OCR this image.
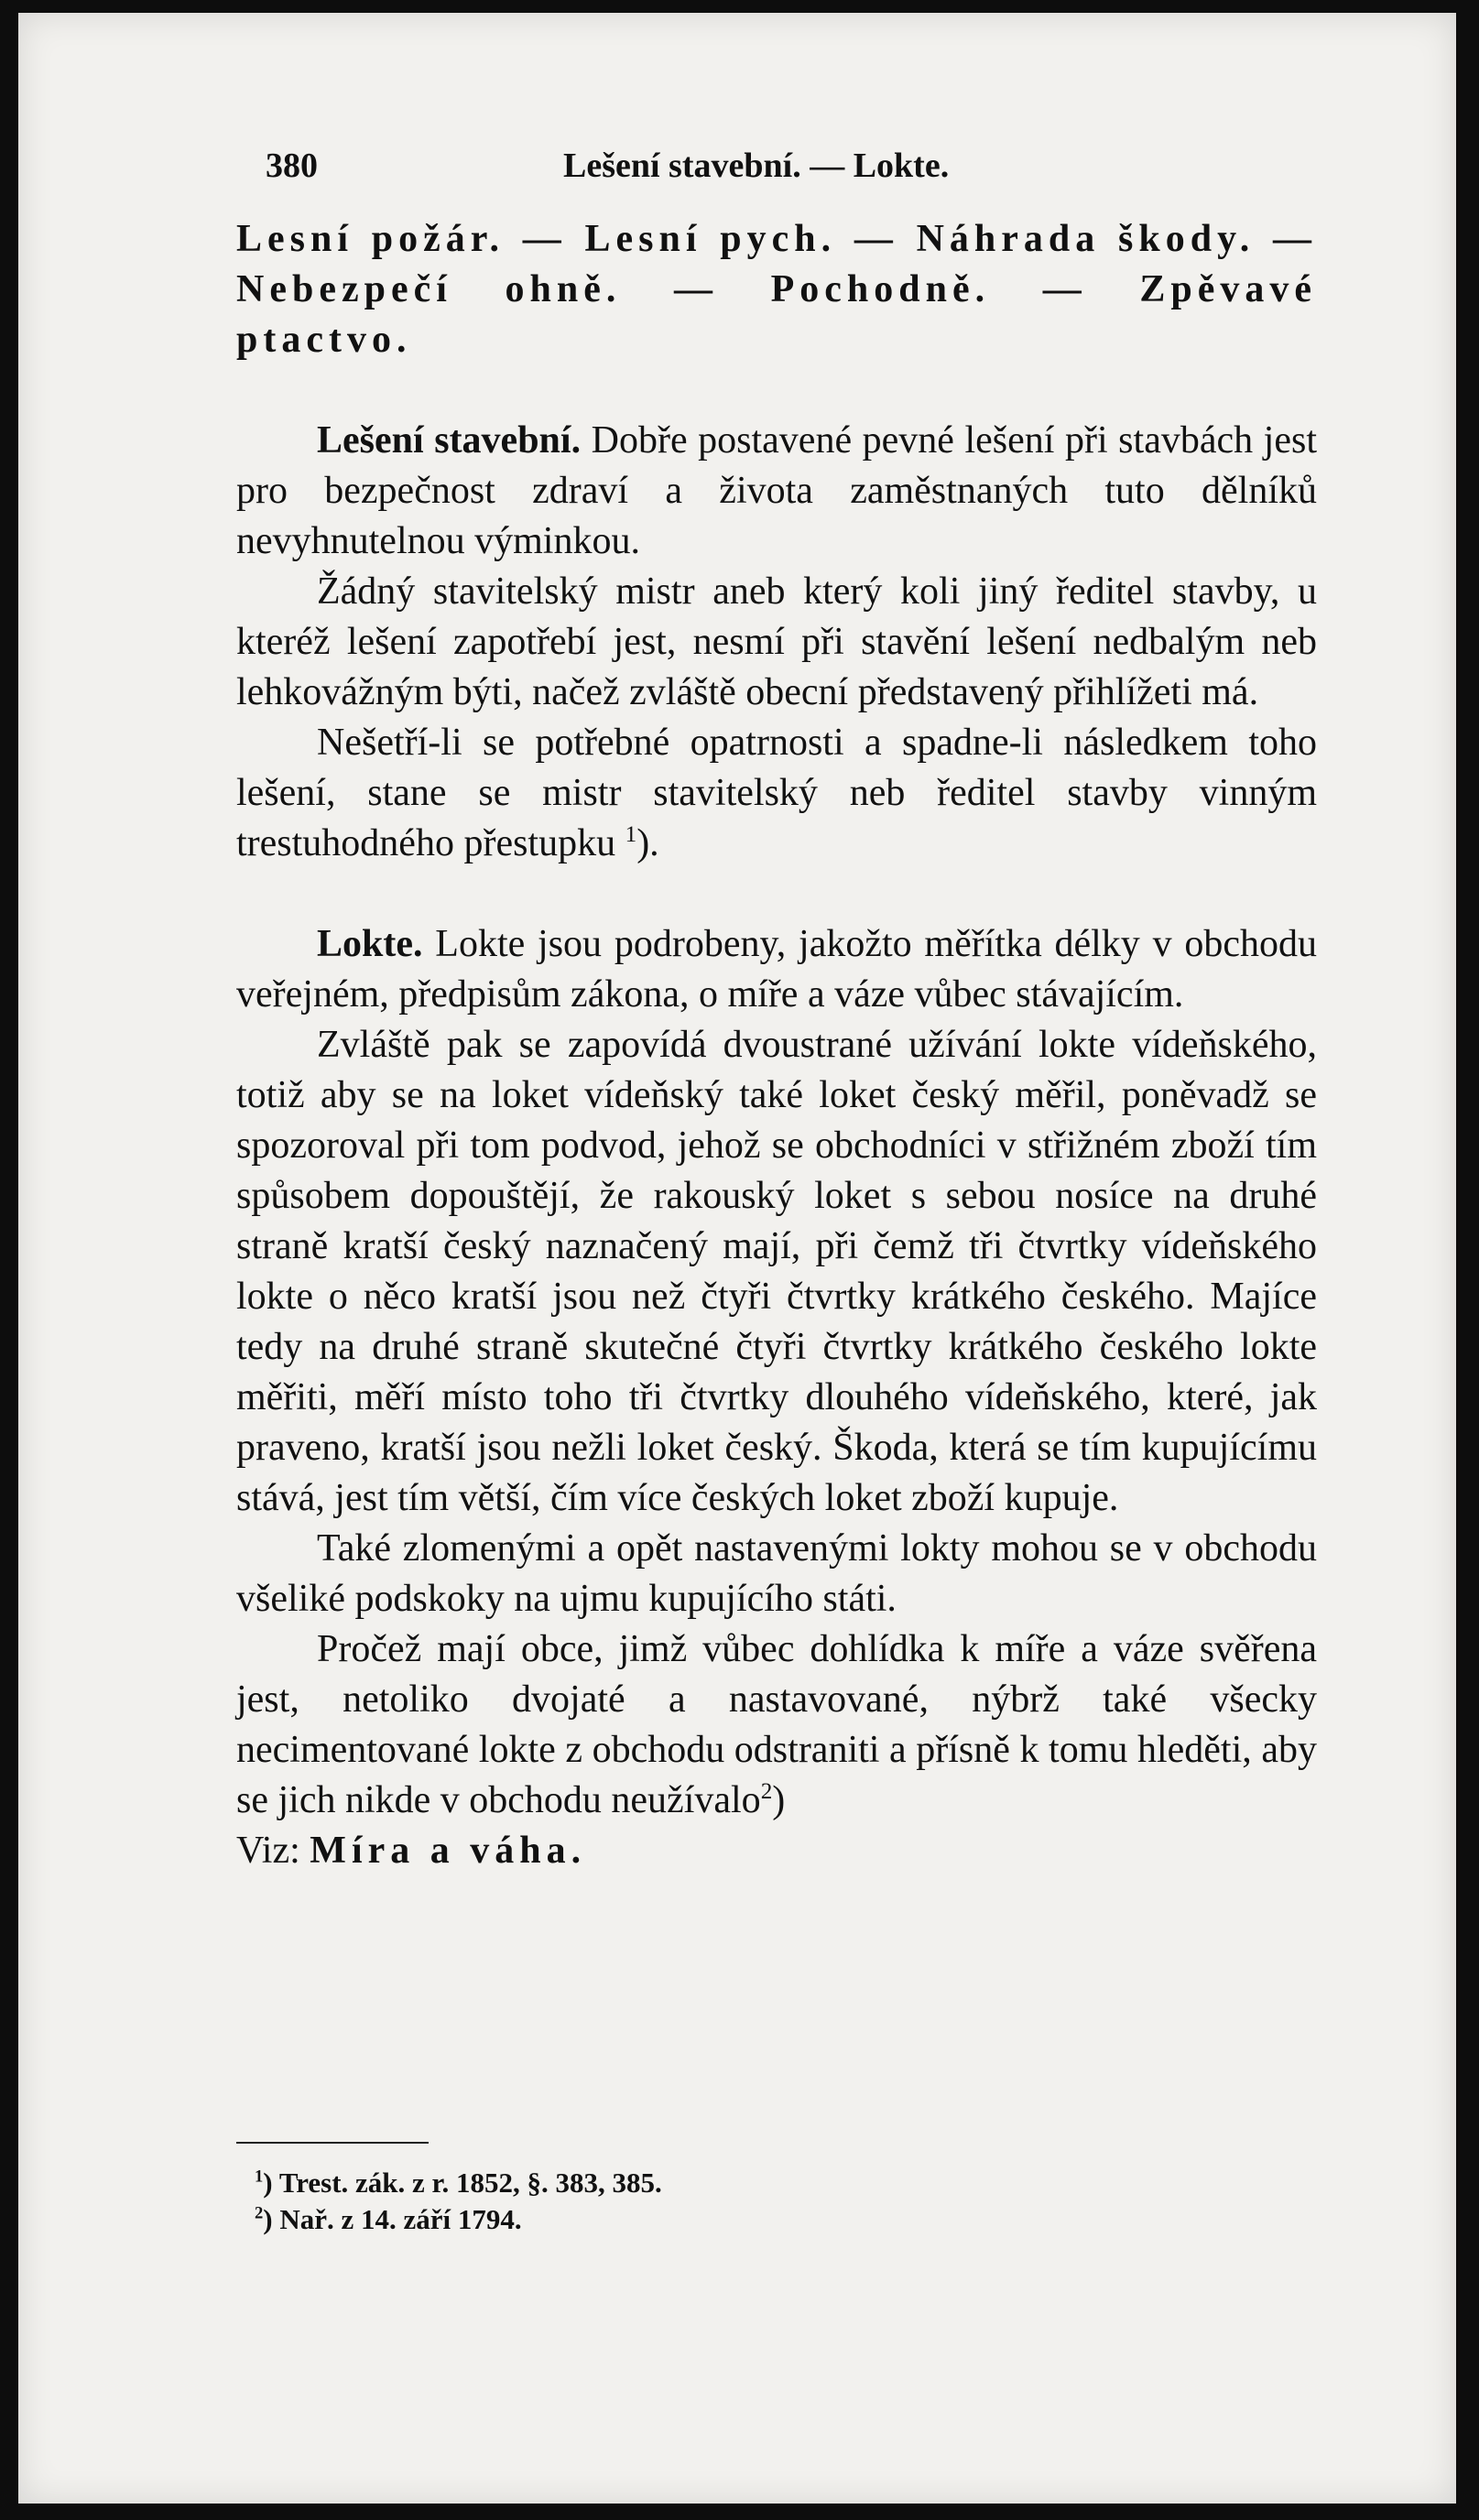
380	Lešení stavební. — Lokte.
Lesní požár. — Lesní pych. — Náhrada škody. — Nebezpečí ohně. — Pochodně. — Zpěvavé ptactvo.

Lešení stavební. Dobře postavené pevné lešení při stavbách jest pro bezpečnost zdraví a života zaměstnaných tuto dělníků nevyhnutelnou výminkou.

Žádný stavitelský mistr aneb který koli jiný ředitel stavby, u kteréž lešení zapotřebí jest, nesmí při stavění lešení nedbalým neb lehkovážným býti, načež zvláště obecní představený přihlížeti má.

Nešetří-li se potřebné opatrnosti a spadne-li následkem toho lešení, stane se mistr stavitelský neb ředitel stavby vinným trestuhodného přestupku $^1$).

Lokte. Lokte jsou podrobeny, jakožto měřítka délky v obchodu veřejném, předpisům zákona, o míře a váze vůbec stávajícím.

Zvláště pak se zapovídá dvoustrané užívání lokte vídeňského, totiž aby se na loket vídeňský také loket český měřil, poněvadž se spozoroval při tom podvod, jehož se obchodníci v střižném zboží tím spůsobem dopouštějí, že rakouský loket s sebou nosíce na druhé straně kratší český naznačený mají, při čemž tři čtvrtky vídeňského lokte o něco kratší jsou než čtyři čtvrtky krátkého českého. Majíce tedy na druhé straně skutečné čtyři čtvrtky krátkého českého lokte měřiti, měří místo toho tři čtvrtky dlouhého vídeňského, které, jak praveno, kratší jsou nežli loket český. Škoda, která se tím kupujícímu stává, jest tím větší, čím více českých loket zboží kupuje.

Také zlomenými a opět nastavenými lokty mohou se v obchodu všeliké podskoky na ujmu kupujícího státi.

Pročež mají obce, jimž vůbec dohlídka k míře a váze svěřena jest, netoliko dvojaté a nastavované, nýbrž také všecky necimentované lokte z obchodu odstraniti a přísně k tomu hleděti, aby se jich nikde v obchodu neužívalo$^2$)

Viz: Míra a váha.
$^1$) Trest. zák. z r. 1852, §. 383, 385.
$^2$) Nař. z 14. září 1794.
